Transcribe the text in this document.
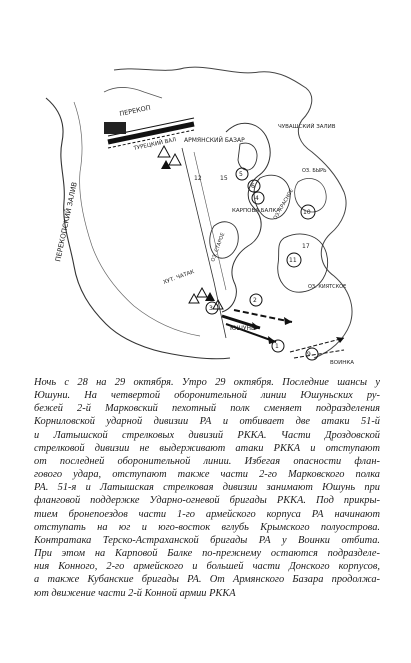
ПЕРЕКОП
ТУРЕЦКИЙ ВАЛ АРМЯНСКИЙ БАЗАР
ЧУВАШСКИЙ ЗАЛИВ
ПЕРЕКОПСКИЙ ЗАЛИВ	КАРПОВА БАЛКА
ЮШУНЬ
ВОИНКА
ХУТ. ЧАТАК
ОЗ. СТАРОЕ
ОЗ. КРАСНОЕ
ОЗ. КИЯТСКОЕ
ОЗ. БЫРЬ
5
6
4
11
10
2
3
1
9
12	15
17
Ночь с 28 на 29 октября. Утро 29 октября. Последние шансы у
Юшуни. На четвертой оборонительной линии Юшуньских ру-
бежей 2-й Марковский пехотный полк сменяет подразделения
Корниловской ударной дивизии РА и отбивает две атаки 51-й
и Латышской стрелковых дивизий РККА. Части Дроздовской
стрелковой дивизии не выдерживают атаки РККА и отступают
от последней оборонительной линии. Избегая опасности флан-
гового удара, отступают также части 2-го Марковского полка
РА. 51-я и Латышская стрелковая дивизии занимают Юшунь при
фланговой поддержке Ударно-огневой бригады РККА. Под прикры-
тием бронепоездов части 1-го армейского корпуса РА начинают
отступать на юг и юго-восток вглубь Крымского полуострова.
Контратака Терско-Астраханской бригады РА у Воинки отбита.
При этом на Карповой Балке по-прежнему остаются подразделе-
ния Конного, 2-го армейского и большей части Донского корпусов,
а также Кубанские бригады РА. От Армянского Базара продолжа-
ют движение части 2-й Конной армии РККА
